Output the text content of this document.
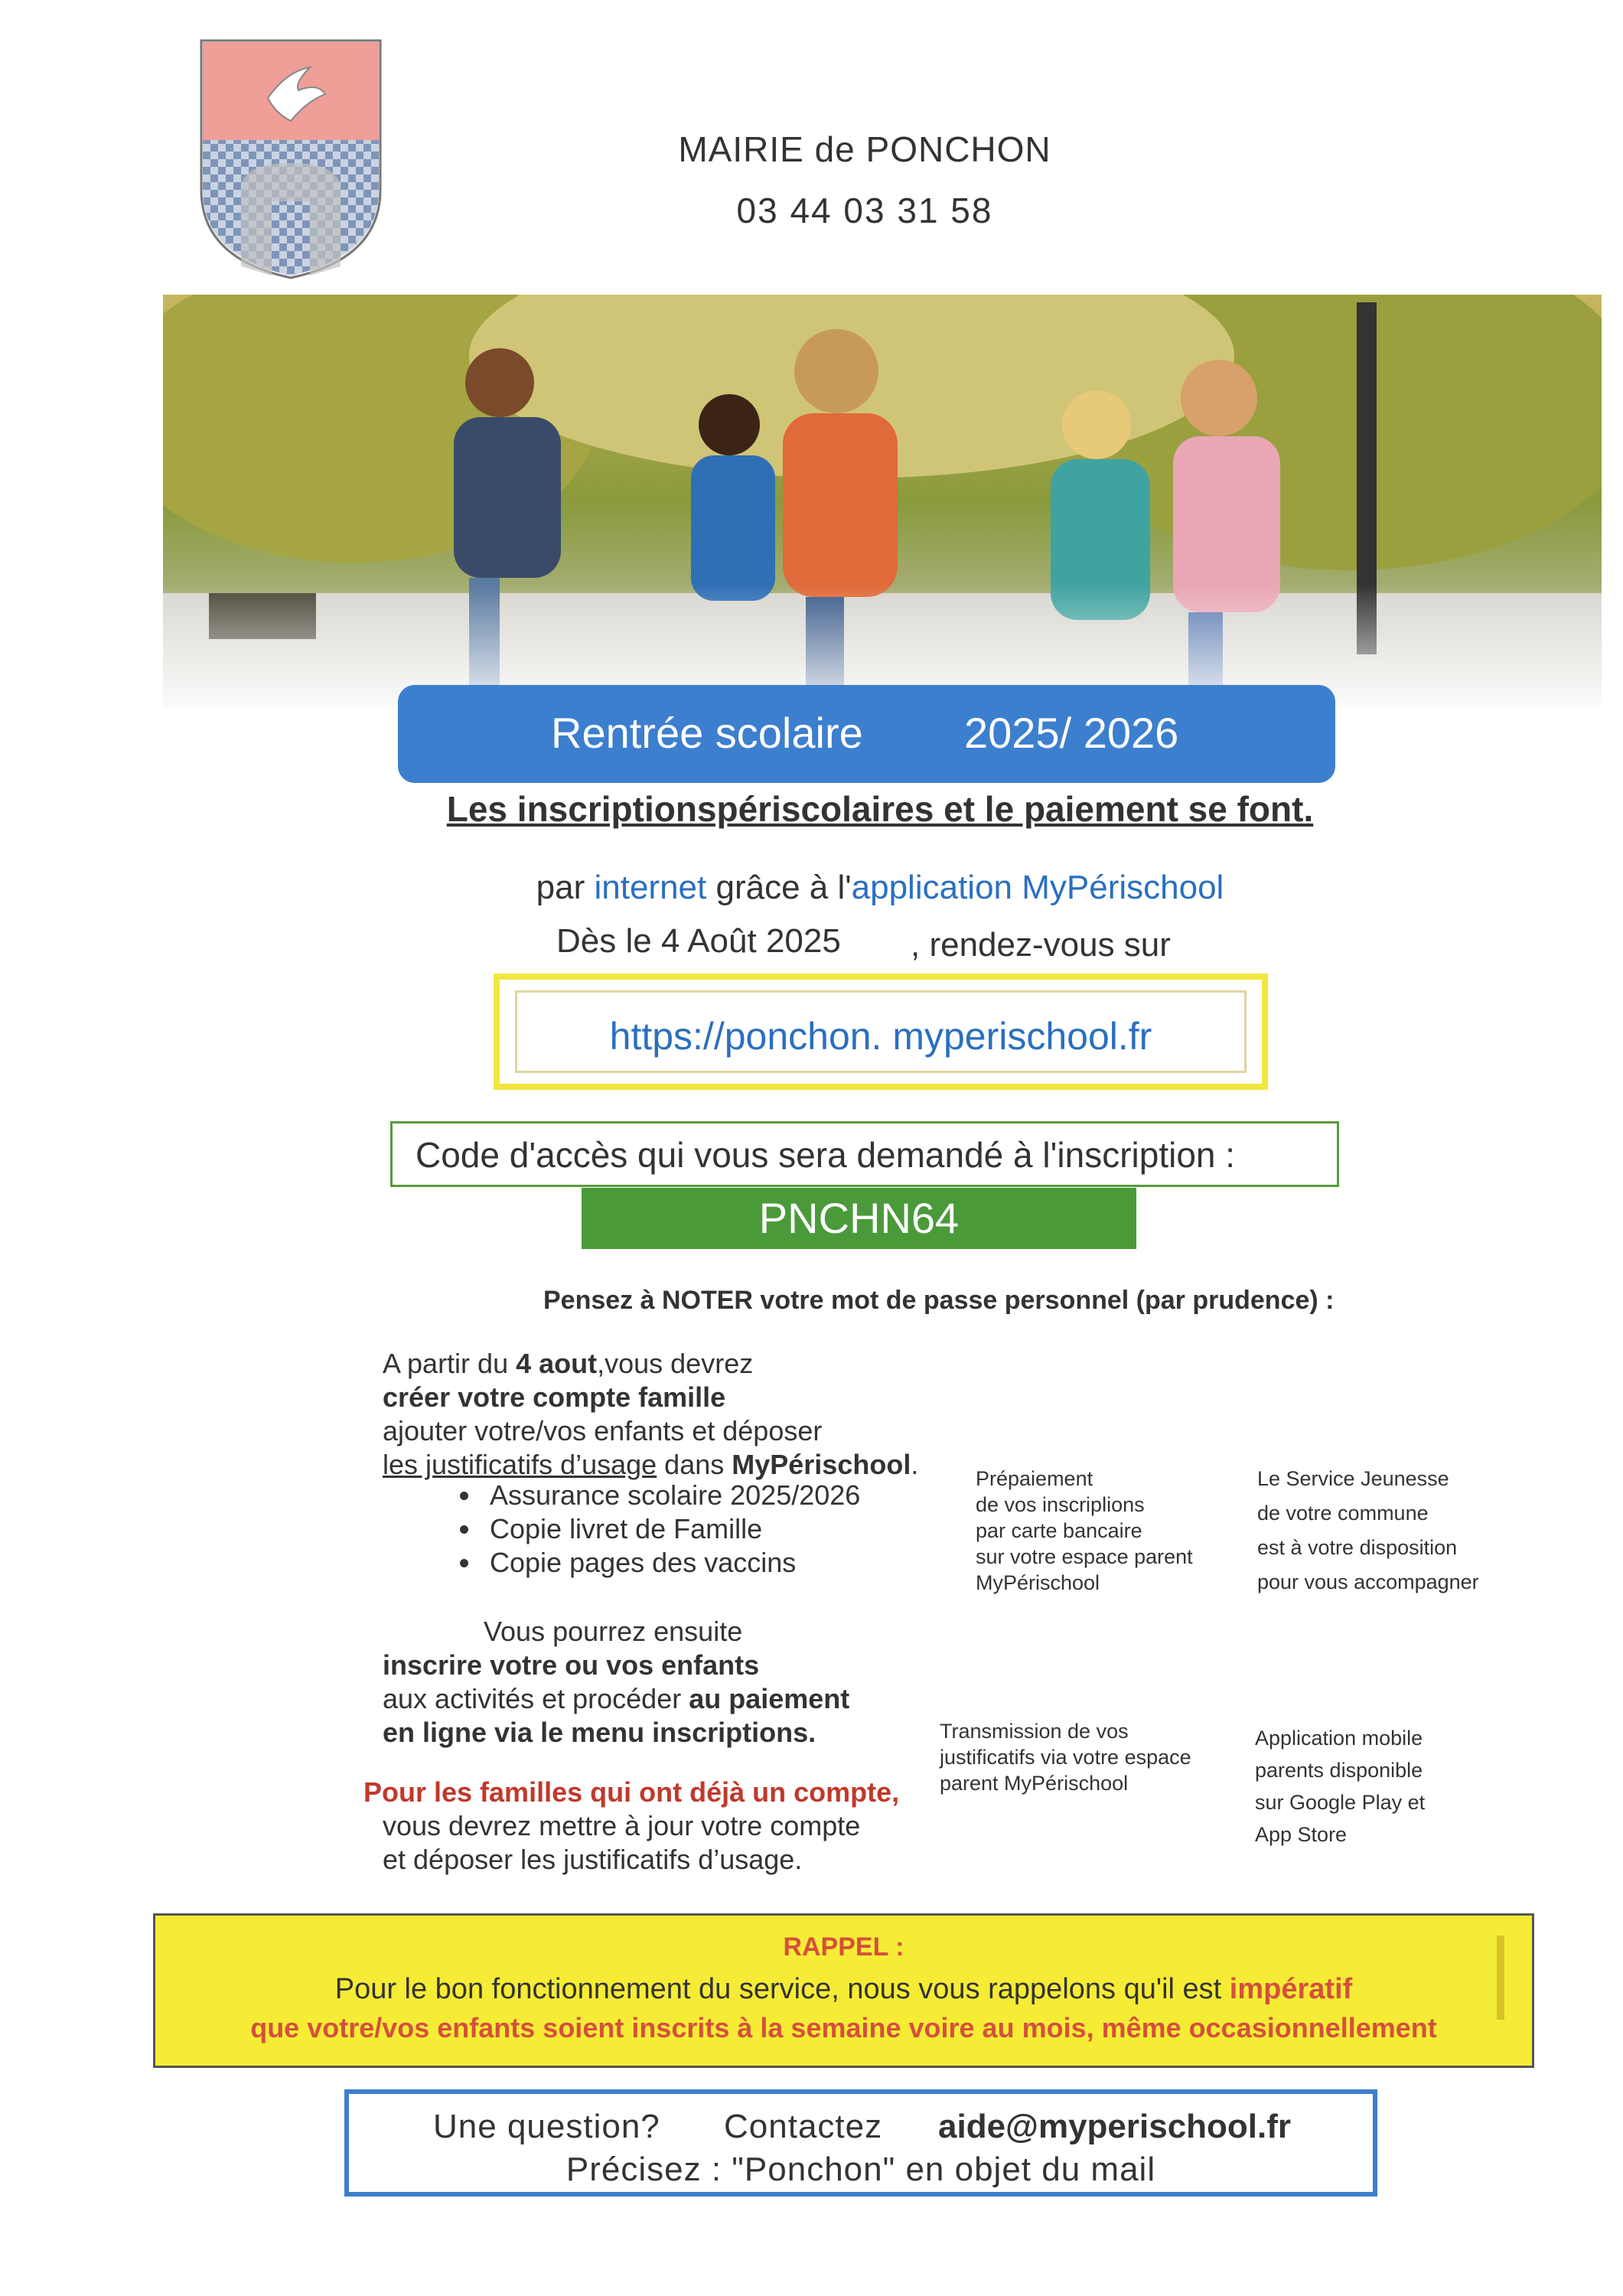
MAIRIE de PONCHON
03 44 03 31 58
Rentrée scolaire 2025/ 2026
Les inscriptionspériscolaires et le paiement se font.
par internet grâce à l'application MyPérischool
Dès le 4 Août 2025 , rendez-vous sur
https://ponchon. myperischool.fr
Code d'accès qui vous sera demandé à l'inscription :
PNCHN64
Pensez à NOTER votre mot de passe personnel (par prudence) :
A partir du 4 aout,vous devrez
créer votre compte famille
ajouter votre/vos enfants et déposer
les justificatifs d’usage dans MyPérischool.
• Assurance scolaire 2025/2026
• Copie livret de Famille
• Copie pages des vaccins
Vous pourrez ensuite
inscrire votre ou vos enfants
aux activités et procéder au paiement
en ligne via le menu inscriptions.
Pour les familles qui ont déjà un compte,
vous devrez mettre à jour votre compte
et déposer les justificatifs d’usage.
Prépaiement
de vos inscriplions
par carte bancaire
sur votre espace parent
MyPérischool
Le Service Jeunesse
de votre commune
est à votre disposition
pour vous accompagner
Transmission de vos
justificatifs via votre espace
parent MyPérischool
Application mobile
parents disponible
sur Google Play et
App Store
RAPPEL :
Pour le bon fonctionnement du service, nous vous rappelons qu'il est impératif
que votre/vos enfants soient inscrits à la semaine voire au mois, même occasionnellement
Une question? Contactez aide@myperischool.fr
Précisez : "Ponchon" en objet du mail
